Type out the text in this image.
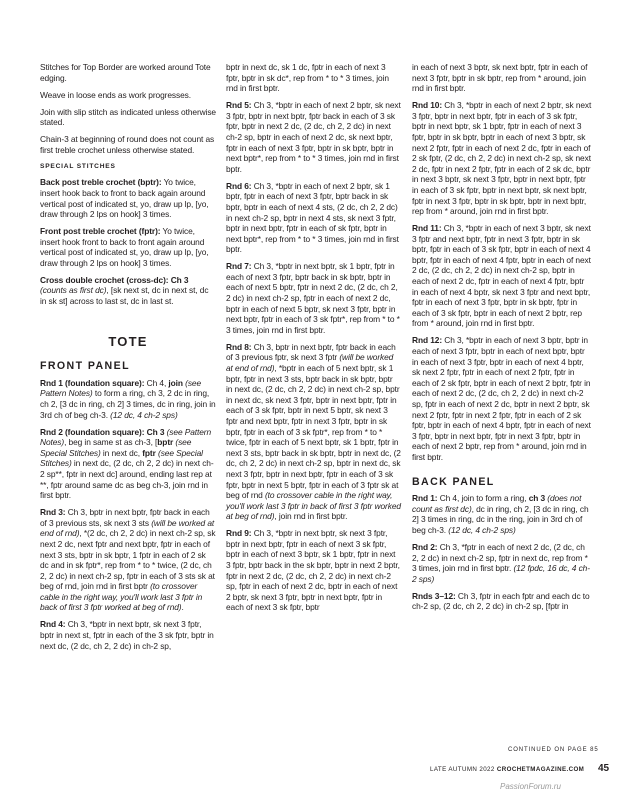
Stitches for Top Border are worked around Tote edging.

Weave in loose ends as work progresses.

Join with slip stitch as indicated unless otherwise stated.

Chain-3 at beginning of round does not count as first treble crochet unless otherwise stated.

SPECIAL STITCHES

Back post treble crochet (bptr): Yo twice, insert hook back to front to back again around vertical post of indicated st, yo, draw up lp, [yo, draw through 2 lps on hook] 3 times.

Front post treble crochet (fptr): Yo twice, insert hook front to back to front again around vertical post of indicated st, yo, draw up lp, [yo, draw through 2 lps on hook] 3 times.

Cross double crochet (cross-dc): Ch 3 (counts as first dc), [sk next st, dc in next st, dc in sk st] across to last st, dc in last st.

TOTE
FRONT PANEL

Rnd 1 (foundation square): Ch 4, join (see Pattern Notes) to form a ring, ch 3, 2 dc in ring, ch 2, [3 dc in ring, ch 2] 3 times, dc in ring, join in 3rd ch of beg ch-3. (12 dc, 4 ch-2 sps)

Rnd 2 (foundation square): Ch 3 (see Pattern Notes), beg in same st as ch-3, [bptr (see Special Stitches) in next dc, fptr (see Special Stitches) in next dc, (2 dc, ch 2, 2 dc) in next ch-2 sp**, fptr in next dc] around, ending last rep at **, fptr around same dc as beg ch-3, join rnd in first bptr.

Rnd 3: Ch 3, bptr in next bptr, fptr back in each of 3 previous sts, sk next 3 sts (will be worked at end of rnd), *(2 dc, ch 2, 2 dc) in next ch-2 sp, sk next 2 dc, next fptr and next bptr, fptr in each of next 3 sts, bptr in sk bptr, 1 fptr in each of 2 sk dc and in sk fptr*, rep from * to * twice, (2 dc, ch 2, 2 dc) in next ch-2 sp, fptr in each of 3 sts sk at beg of rnd, join rnd in first bptr (to crossover cable in the right way, you'll work last 3 fptr in back of first 3 fptr worked at beg of rnd).

Rnd 4: Ch 3, *bptr in next bptr, sk next 3 fptr, bptr in next st, fptr in each of the 3 sk fptr, bptr in next dc, (2 dc, ch 2, 2 dc) in ch-2 sp,

bptr in next dc, sk 1 dc, fptr in each of next 3 fptr, bptr in sk dc*, rep from * to * 3 times, join rnd in first bptr.

Rnd 5: Ch 3, *bptr in each of next 2 bptr, sk next 3 fptr, bptr in next bptr, fptr back in each of 3 sk fptr, bptr in next 2 dc, (2 dc, ch 2, 2 dc) in next ch-2 sp, bptr in each of next 2 dc, sk next bptr, fptr in each of next 3 fptr, bptr in sk bptr, bptr in next bptr*, rep from * to * 3 times, join rnd in first bptr.

Rnd 6: Ch 3, *bptr in each of next 2 bptr, sk 1 bptr, fptr in each of next 3 fptr, bptr back in sk bptr, bptr in each of next 4 sts, (2 dc, ch 2, 2 dc) in next ch-2 sp, bptr in next 4 sts, sk next 3 fptr, bptr in next bptr, fptr in each of sk fptr, bptr in next bptr*, rep from * to * 3 times, join rnd in first bptr.

Rnd 7: Ch 3, *bptr in next bptr, sk 1 bptr, fptr in each of next 3 fptr, bptr back in sk bptr, bptr in each of next 5 bptr, fptr in next 2 dc, (2 dc, ch 2, 2 dc) in next ch-2 sp, fptr in each of next 2 dc, bptr in each of next 5 bptr, sk next 3 fptr, bptr in next bptr, fptr in each of 3 sk fptr*, rep from * to * 3 times, join rnd in first bptr.

Rnd 8: Ch 3, bptr in next bptr, fptr back in each of 3 previous fptr, sk next 3 fptr (will be worked at end of rnd), *bptr in each of 5 next bptr, sk 1 bptr, fptr in next 3 sts, bptr back in sk bptr, bptr in next dc, (2 dc, ch 2, 2 dc) in next ch-2 sp, bptr in next dc, sk next 3 fptr, bptr in next bptr, fptr in each of 3 sk fptr, bptr in next 5 bptr, sk next 3 fptr and next bptr, fptr in next 3 fptr, bptr in sk bptr, fptr in each of 3 sk fptr*, rep from * to * twice, fptr in each of 5 next bptr, sk 1 bptr, fptr in next 3 sts, bptr back in sk bptr, bptr in next dc, (2 dc, ch 2, 2 dc) in next ch-2 sp, bptr in next dc, sk next 3 fptr, bptr in next bptr, fptr in each of 3 sk fptr, bptr in next 5 bptr, fptr in each of 3 fptr sk at beg of rnd (to crossover cable in the right way, you'll work last 3 fptr in back of first 3 fptr worked at beg of rnd), join rnd in first bptr.

Rnd 9: Ch 3, *bptr in next bptr, sk next 3 fptr, bptr in next bptr, fptr in each of next 3 sk fptr, bptr in each of next 3 bptr, sk 1 bptr, fptr in next 3 fptr, bptr back in the sk bptr, bptr in next 2 bptr, fptr in next 2 dc, (2 dc, ch 2, 2 dc) in next ch-2 sp, fptr in each of next 2 dc, bptr in each of next 2 bptr, sk next 3 fptr, bptr in next bptr, fptr in each of next 3 sk fptr, bptr

in each of next 3 bptr, sk next bptr, fptr in each of next 3 fptr, bptr in sk bptr, rep from * around, join rnd in first bptr.

Rnd 10: Ch 3, *bptr in each of next 2 bptr, sk next 3 fptr, bptr in next bptr, fptr in each of 3 sk fptr, bptr in next bptr, sk 1 bptr, fptr in each of next 3 fptr, bptr in sk bptr, bptr in each of next 3 bptr, sk next 2 fptr, fptr in each of next 2 dc, fptr in each of 2 sk fptr, (2 dc, ch 2, 2 dc) in next ch-2 sp, sk next 2 dc, fptr in next 2 fptr, fptr in each of 2 sk dc, bptr in next 3 bptr, sk next 3 fptr, bptr in next bptr, fptr in each of 3 sk fptr, bptr in next bptr, sk next bptr, fptr in next 3 fptr, bptr in sk bptr, bptr in next bptr, rep from * around, join rnd in first bptr.

Rnd 11: Ch 3, *bptr in each of next 3 bptr, sk next 3 fptr and next bptr, fptr in next 3 fptr, bptr in sk bptr, fptr in each of 3 sk fptr, bptr in each of next 4 bptr, fptr in each of next 4 fptr, bptr in each of next 2 dc, (2 dc, ch 2, 2 dc) in next ch-2 sp, bptr in each of next 2 dc, fptr in each of next 4 fptr, bptr in each of next 4 bptr, sk next 3 fptr and next bptr, fptr in each of next 3 fptr, bptr in sk bptr, fptr in each of 3 sk fptr, bptr in each of next 2 bptr, rep from * around, join rnd in first bptr.

Rnd 12: Ch 3, *bptr in each of next 3 bptr, bptr in each of next 3 fptr, bptr in each of next bptr, bptr in each of next 3 fptr, bptr in each of next 4 bptr, sk next 2 fptr, fptr in each of next 2 fptr, fptr in each of 2 sk fptr, bptr in each of next 2 bptr, fptr in each of next 2 dc, (2 dc, ch 2, 2 dc) in next ch-2 sp, fptr in each of next 2 dc, bptr in next 2 bptr, sk next 2 fptr, fptr in next 2 fptr, fptr in each of 2 sk fptr, bptr in each of next 4 bptr, fptr in each of next 3 fptr, bptr in next bptr, fptr in next 3 fptr, bptr in each of next 2 bptr, rep from * around, join rnd in first bptr.

BACK PANEL

Rnd 1: Ch 4, join to form a ring, ch 3 (does not count as first dc), dc in ring, ch 2, [3 dc in ring, ch 2] 3 times in ring, dc in the ring, join in 3rd ch of beg ch-3. (12 dc, 4 ch-2 sps)

Rnd 2: Ch 3, *fptr in each of next 2 dc, (2 dc, ch 2, 2 dc) in next ch-2 sp, fptr in next dc, rep from * 3 times, join rnd in first bptr. (12 fpdc, 16 dc, 4 ch-2 sps)

Rnds 3–12: Ch 3, fptr in each fptr and each dc to ch-2 sp, (2 dc, ch 2, 2 dc) in ch-2 sp, [fptr in

CONTINUED ON PAGE 85
LATE AUTUMN 2022 CROCHETMAGAZINE.COM 45
PassionForum.ru
